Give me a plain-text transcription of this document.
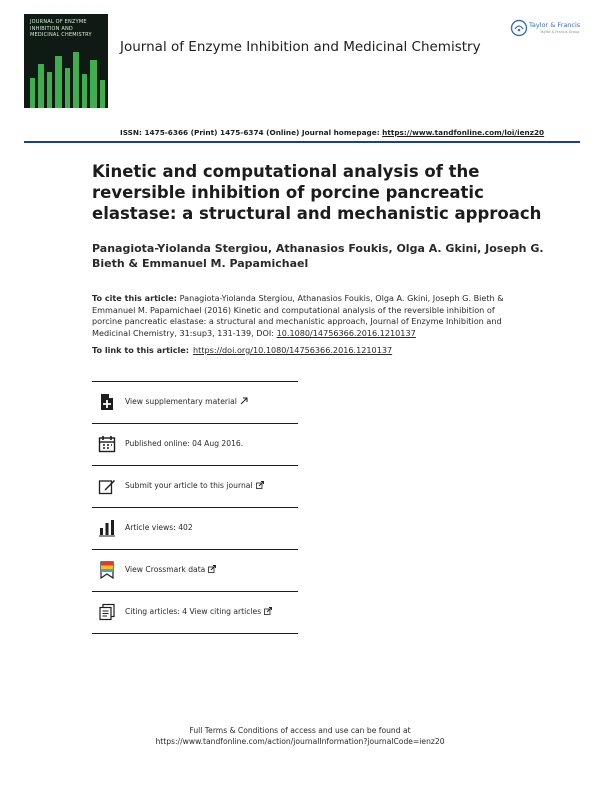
JOURNAL OF ENZYME
INHIBITION AND
MEDICINAL CHEMISTRY
Journal of Enzyme Inhibition and Medicinal Chemistry
Taylor & Francis
Taylor & Francis Group
ISSN: 1475-6366 (Print) 1475-6374 (Online) Journal homepage: https://www.tandfonline.com/loi/ienz20
Kinetic and computational analysis of the reversible inhibition of porcine pancreatic elastase: a structural and mechanistic approach
Panagiota-Yiolanda Stergiou, Athanasios Foukis, Olga A. Gkini, Joseph G. Bieth & Emmanuel M. Papamichael
To cite this article: Panagiota-Yiolanda Stergiou, Athanasios Foukis, Olga A. Gkini, Joseph G. Bieth & Emmanuel M. Papamichael (2016) Kinetic and computational analysis of the reversible inhibition of porcine pancreatic elastase: a structural and mechanistic approach, Journal of Enzyme Inhibition and Medicinal Chemistry, 31:sup3, 131-139, DOI: 10.1080/14756366.2016.1210137
To link to this article: https://doi.org/10.1080/14756366.2016.1210137
View supplementary material
Published online: 04 Aug 2016.
Submit your article to this journal
Article views: 402
View Crossmark data
Citing articles: 4 View citing articles
Full Terms & Conditions of access and use can be found at
https://www.tandfonline.com/action/journalInformation?journalCode=ienz20
